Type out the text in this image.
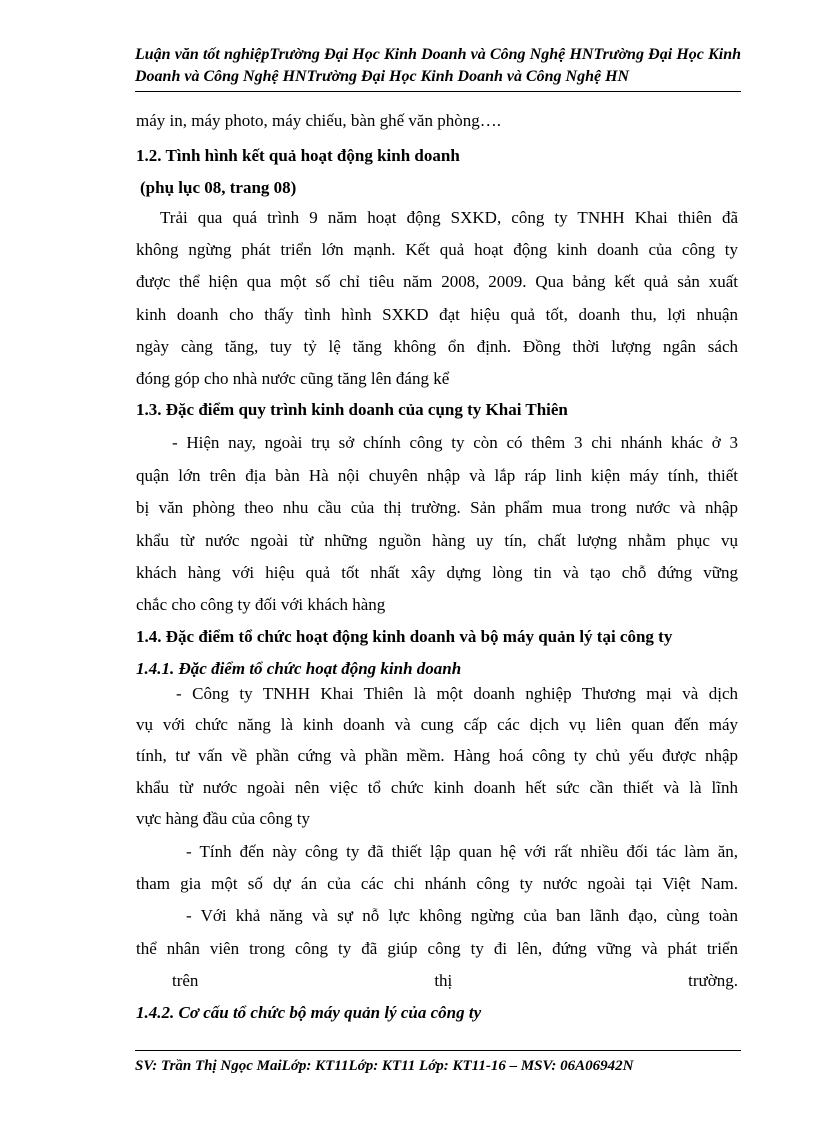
Luận văn tốt nghiệpTrường Đại Học Kinh Doanh và Công Nghệ HNTrường Đại Học Kinh Doanh và Công Nghệ HNTrường Đại Học Kinh Doanh và Công Nghệ HN
máy in, máy photo, máy chiếu, bàn ghế văn phòng….
1.2. Tình hình kết quả hoạt động kinh doanh
(phụ lục 08, trang 08)
Trải qua quá trình 9 năm hoạt động SXKD, công ty TNHH Khai thiên đã
không ngừng phát triển lớn mạnh. Kết quả hoạt động kinh doanh của công ty
được thể hiện qua một số chỉ tiêu năm 2008, 2009. Qua bảng kết quả sản xuất
kinh doanh cho thấy tình hình SXKD đạt hiệu quả tốt, doanh thu, lợi nhuận
ngày càng tăng, tuy tỷ lệ tăng không ổn định. Đồng thời lượng ngân sách
đóng góp cho nhà nước cũng tăng lên đáng kể
1.3. Đặc điểm quy trình kinh doanh của cụng ty Khai Thiên
- Hiện nay, ngoài trụ sở chính công ty còn có thêm 3 chi nhánh khác ở 3
quận lớn trên địa bàn Hà nội chuyên nhập và lắp ráp linh kiện máy tính, thiết
bị văn phòng theo nhu cầu của thị trường. Sản phẩm mua trong nước và nhập
khẩu từ nước ngoài từ những nguồn hàng uy tín, chất lượng nhằm phục vụ
khách hàng với hiệu quả tốt nhất xây dựng lòng tin và tạo chỗ đứng vững
chắc cho công ty đối với khách hàng
1.4. Đặc điểm tổ chức hoạt động kinh doanh và bộ máy quản lý tại công ty
1.4.1. Đặc điểm tổ chức hoạt động kinh doanh
- Công ty TNHH Khai Thiên là một doanh nghiệp Thương mại và dịch
vụ với chức năng là kinh doanh và cung cấp các dịch vụ liên quan đến máy
tính, tư vấn về phần cứng và phần mềm. Hàng hoá công ty chủ yếu được nhập
khẩu từ nước ngoài nên việc tổ chức kinh doanh hết sức cần thiết và là lĩnh
vực hàng đầu của công ty
- Tính đến này công ty đã thiết lập quan hệ với rất nhiều đối tác làm ăn,
tham gia một số dự án của các chi nhánh công ty nước ngoài tại Việt Nam.
- Với khả năng và sự nỗ lực không ngừng của ban lãnh đạo, cùng toàn
thể nhân viên trong công ty đã giúp công ty đi lên, đứng vững và phát triển
trên thị trường.
1.4.2. Cơ cấu tổ chức bộ máy quản lý của công ty
SV: Trần Thị Ngọc MaiLớp: KT11Lớp: KT11 Lớp: KT11-16 – MSV: 06A06942N
